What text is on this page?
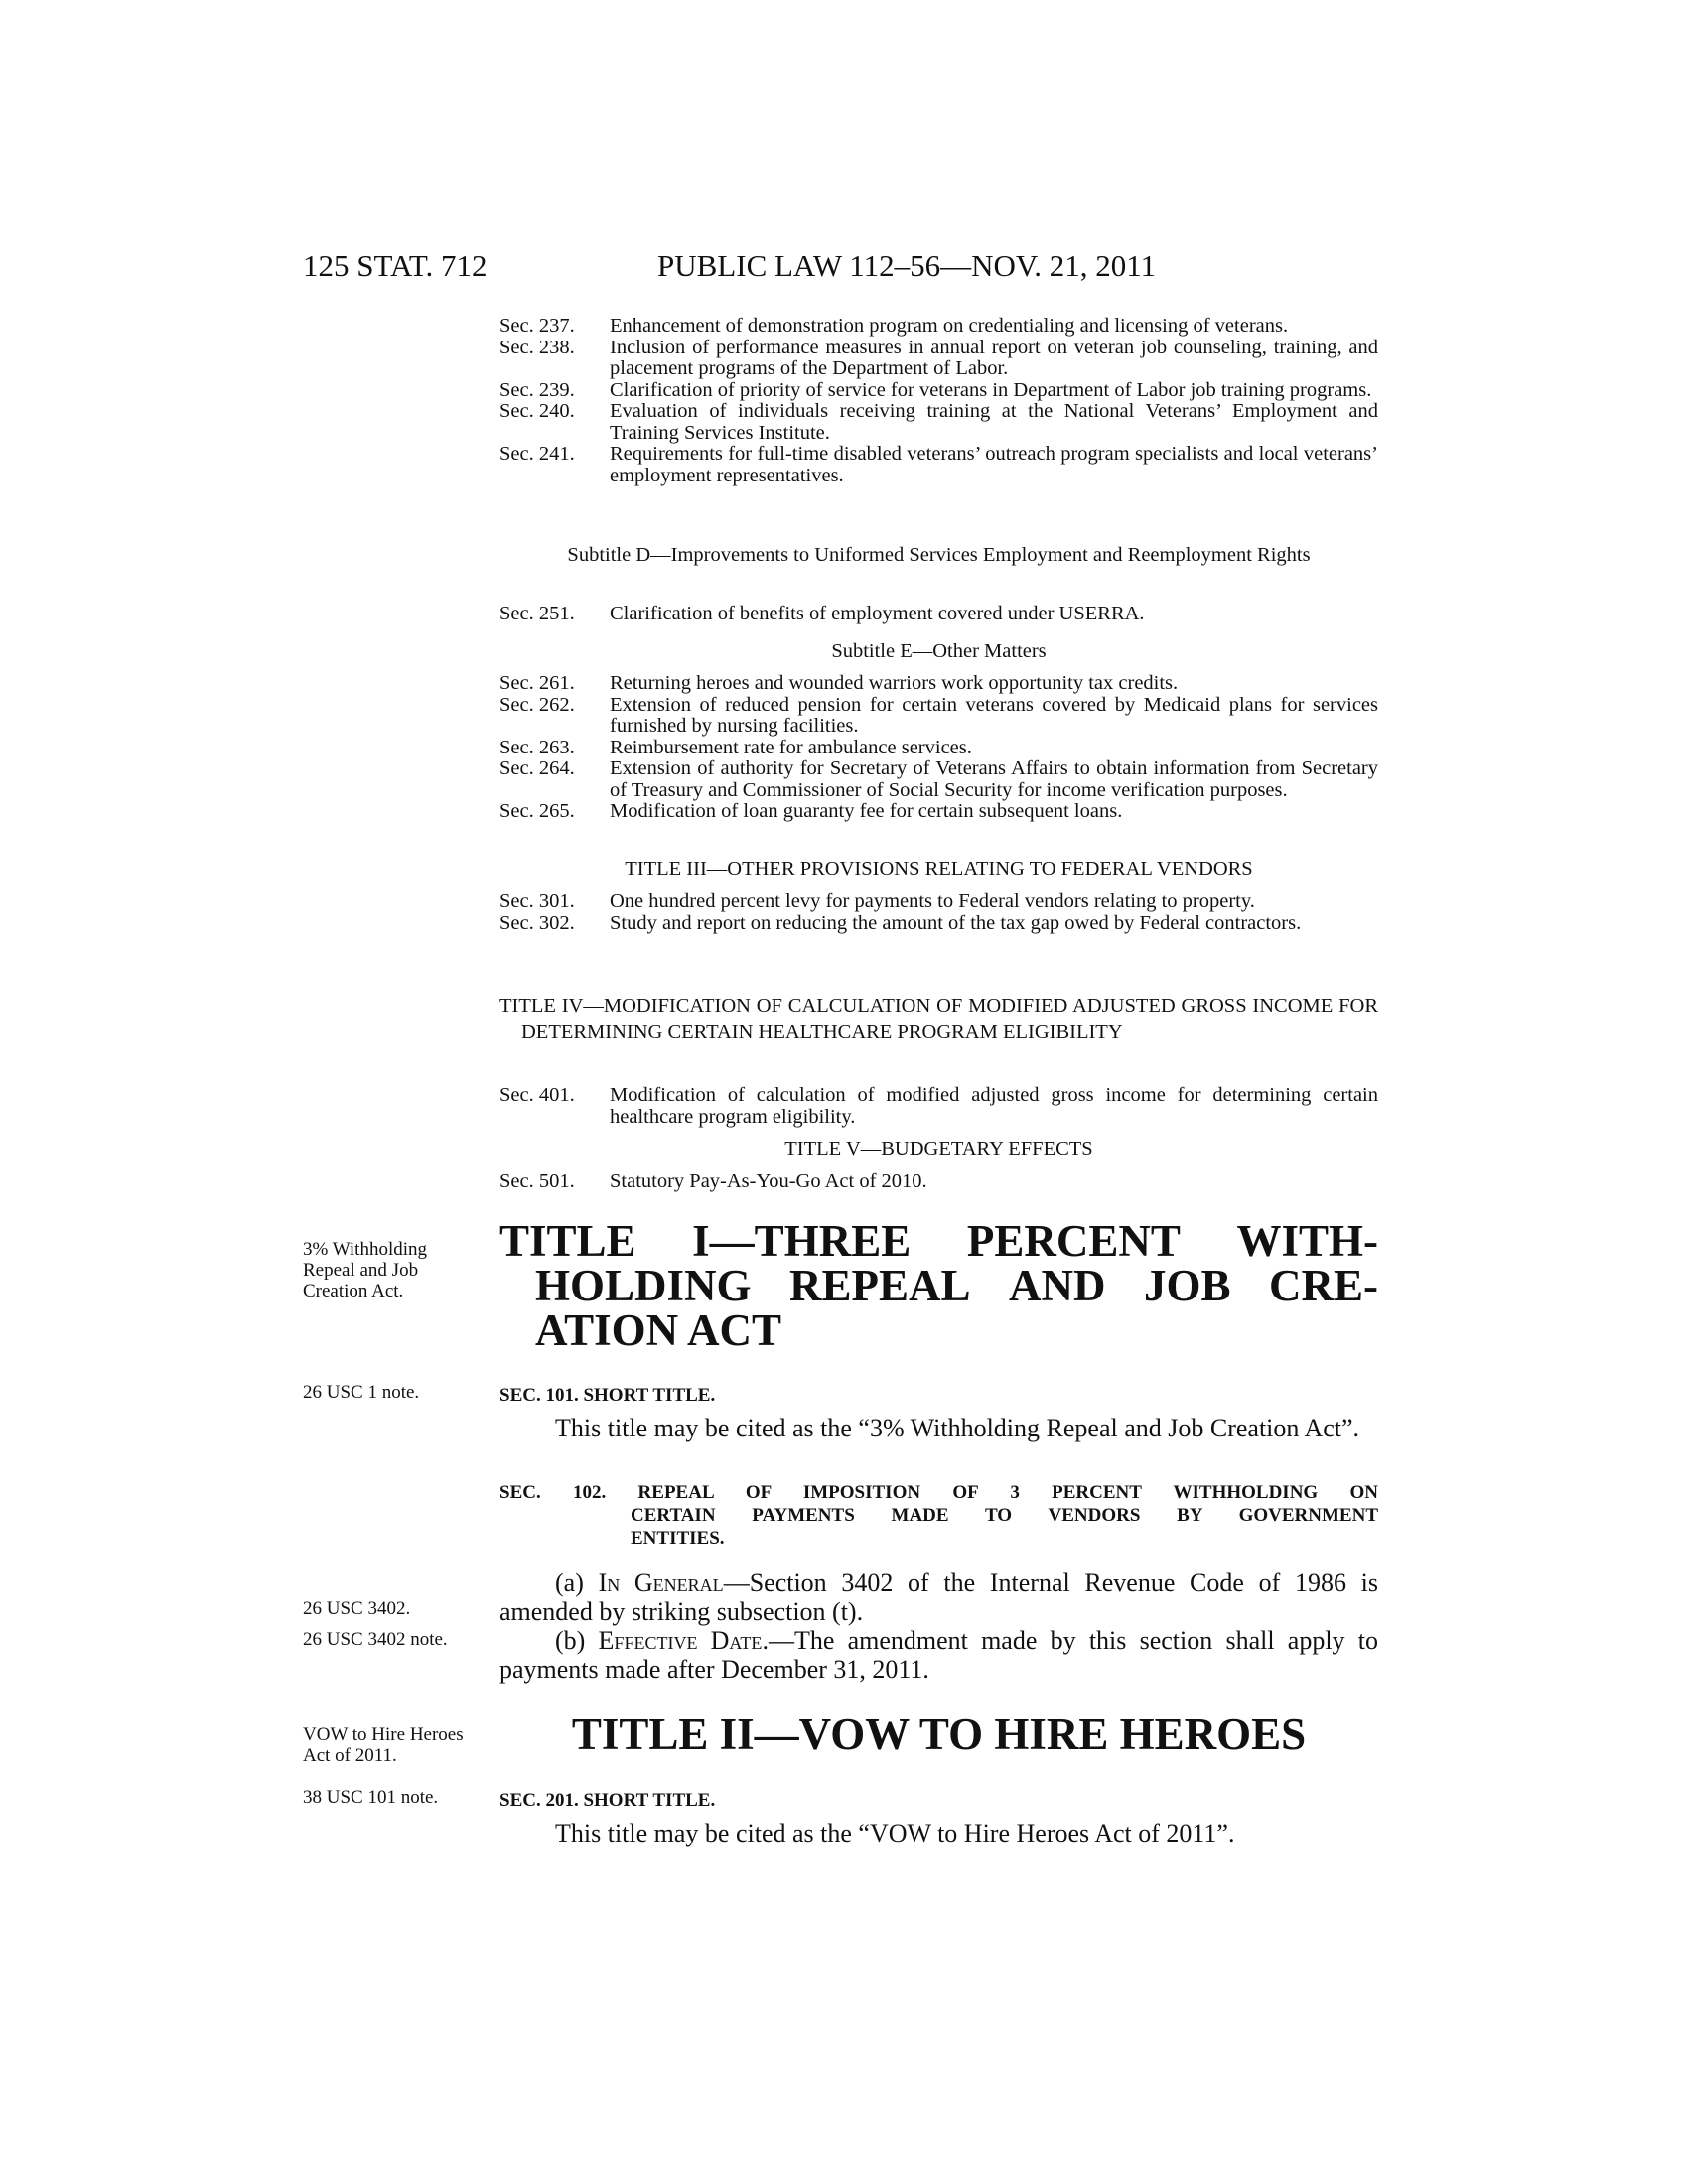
125 STAT. 712	PUBLIC LAW 112–56—NOV. 21, 2011
Sec. 237. Enhancement of demonstration program on credentialing and licensing of veterans.
Sec. 238. Inclusion of performance measures in annual report on veteran job counseling, training, and placement programs of the Department of Labor.
Sec. 239. Clarification of priority of service for veterans in Department of Labor job training programs.
Sec. 240. Evaluation of individuals receiving training at the National Veterans’ Employment and Training Services Institute.
Sec. 241. Requirements for full-time disabled veterans’ outreach program specialists and local veterans’ employment representatives.

Subtitle D—Improvements to Uniformed Services Employment and Reemployment Rights

Sec. 251. Clarification of benefits of employment covered under USERRA.

Subtitle E—Other Matters

Sec. 261. Returning heroes and wounded warriors work opportunity tax credits.
Sec. 262. Extension of reduced pension for certain veterans covered by Medicaid plans for services furnished by nursing facilities.
Sec. 263. Reimbursement rate for ambulance services.
Sec. 264. Extension of authority for Secretary of Veterans Affairs to obtain information from Secretary of Treasury and Commissioner of Social Security for income verification purposes.
Sec. 265. Modification of loan guaranty fee for certain subsequent loans.

TITLE III—OTHER PROVISIONS RELATING TO FEDERAL VENDORS

Sec. 301. One hundred percent levy for payments to Federal vendors relating to property.
Sec. 302. Study and report on reducing the amount of the tax gap owed by Federal contractors.

TITLE IV—MODIFICATION OF CALCULATION OF MODIFIED ADJUSTED GROSS INCOME FOR DETERMINING CERTAIN HEALTHCARE PROGRAM ELIGIBILITY

Sec. 401. Modification of calculation of modified adjusted gross income for determining certain healthcare program eligibility.

TITLE V—BUDGETARY EFFECTS

Sec. 501. Statutory Pay-As-You-Go Act of 2010.
3% Withholding Repeal and Job Creation Act.
26 USC 1 note.
26 USC 3402.
26 USC 3402 note.
VOW to Hire Heroes Act of 2011.
38 USC 101 note.
TITLE I—THREE PERCENT WITH-
HOLDING REPEAL AND JOB CRE-
ATION ACT
SEC. 101. SHORT TITLE.
This title may be cited as the “3% Withholding Repeal and Job Creation Act”.
SEC. 102. REPEAL OF IMPOSITION OF 3 PERCENT WITHHOLDING ON
CERTAIN PAYMENTS MADE TO VENDORS BY GOVERNMENT
ENTITIES.
(a) In General—Section 3402 of the Internal Revenue Code of 1986 is amended by striking subsection (t).
(b) Effective Date.—The amendment made by this section shall apply to payments made after December 31, 2011.
TITLE II—VOW TO HIRE HEROES
SEC. 201. SHORT TITLE.
This title may be cited as the “VOW to Hire Heroes Act of 2011”.
